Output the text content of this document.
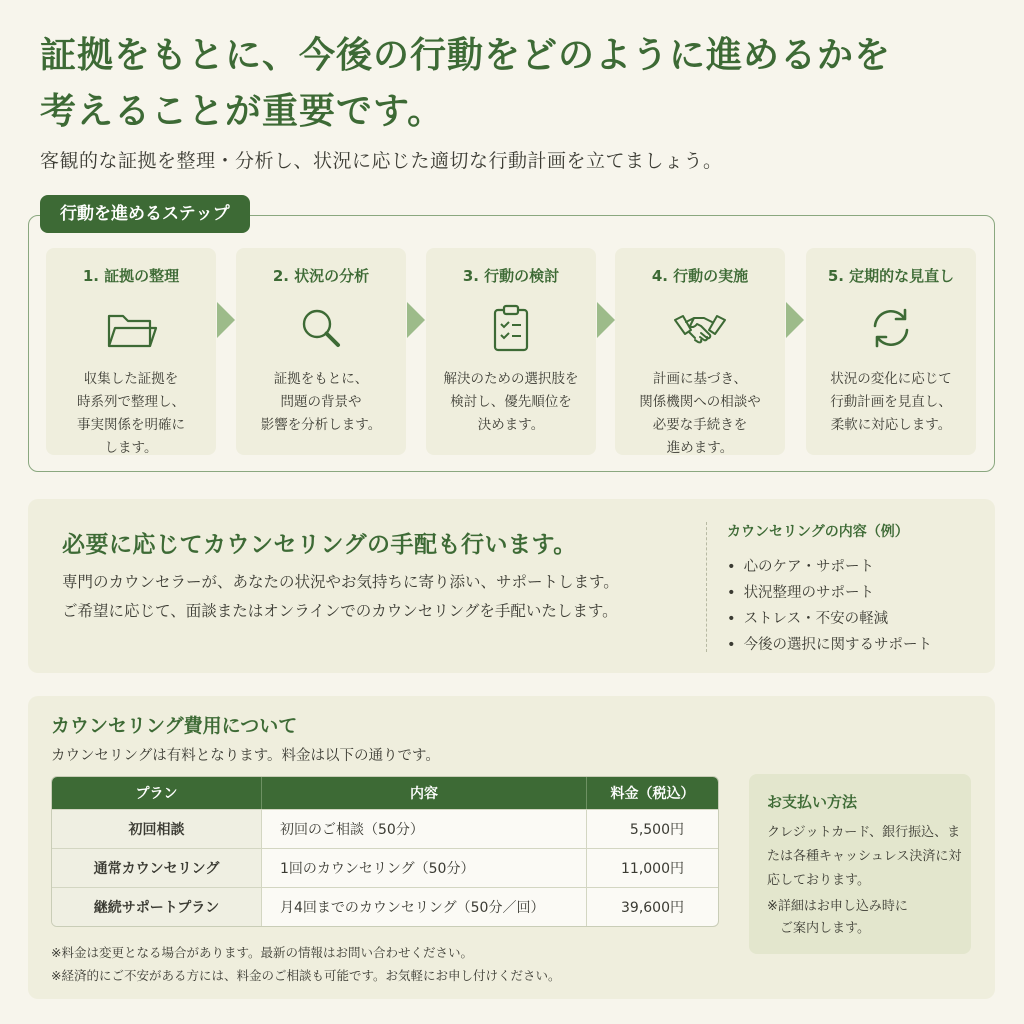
証拠をもとに、今後の行動をどのように進めるかを
考えることが重要です。
客観的な証拠を整理・分析し、状況に応じた適切な行動計画を立てましょう。
行動を進めるステップ
1. 証拠の整理
収集した証拠を
時系列で整理し、
事実関係を明確に
します。
2. 状況の分析
証拠をもとに、
問題の背景や
影響を分析します。
3. 行動の検討
解決のための選択肢を
検討し、優先順位を
決めます。
4. 行動の実施
計画に基づき、
関係機関への相談や
必要な手続きを
進めます。
5. 定期的な見直し
状況の変化に応じて
行動計画を見直し、
柔軟に対応します。
必要に応じてカウンセリングの手配も行います。
専門のカウンセラーが、あなたの状況やお気持ちに寄り添い、サポートします。
ご希望に応じて、面談またはオンラインでのカウンセリングを手配いたします。
カウンセリングの内容（例）
• 心のケア・サポート
• 状況整理のサポート
• ストレス・不安の軽減
• 今後の選択に関するサポート
カウンセリング費用について
カウンセリングは有料となります。料金は以下の通りです。
プラン	内容	料金（税込）
初回相談	初回のご相談（50分）	5,500円
通常カウンセリング	1回のカウンセリング（50分）	11,000円
継続サポートプラン	月4回までのカウンセリング（50分／回）	39,600円
※料金は変更となる場合があります。最新の情報はお問い合わせください。
※経済的にご不安がある方には、料金のご相談も可能です。お気軽にお申し付けください。
お支払い方法
クレジットカード、銀行振込、または各種キャッシュレス決済に対応しております。
※詳細はお申し込み時に
　ご案内します。
